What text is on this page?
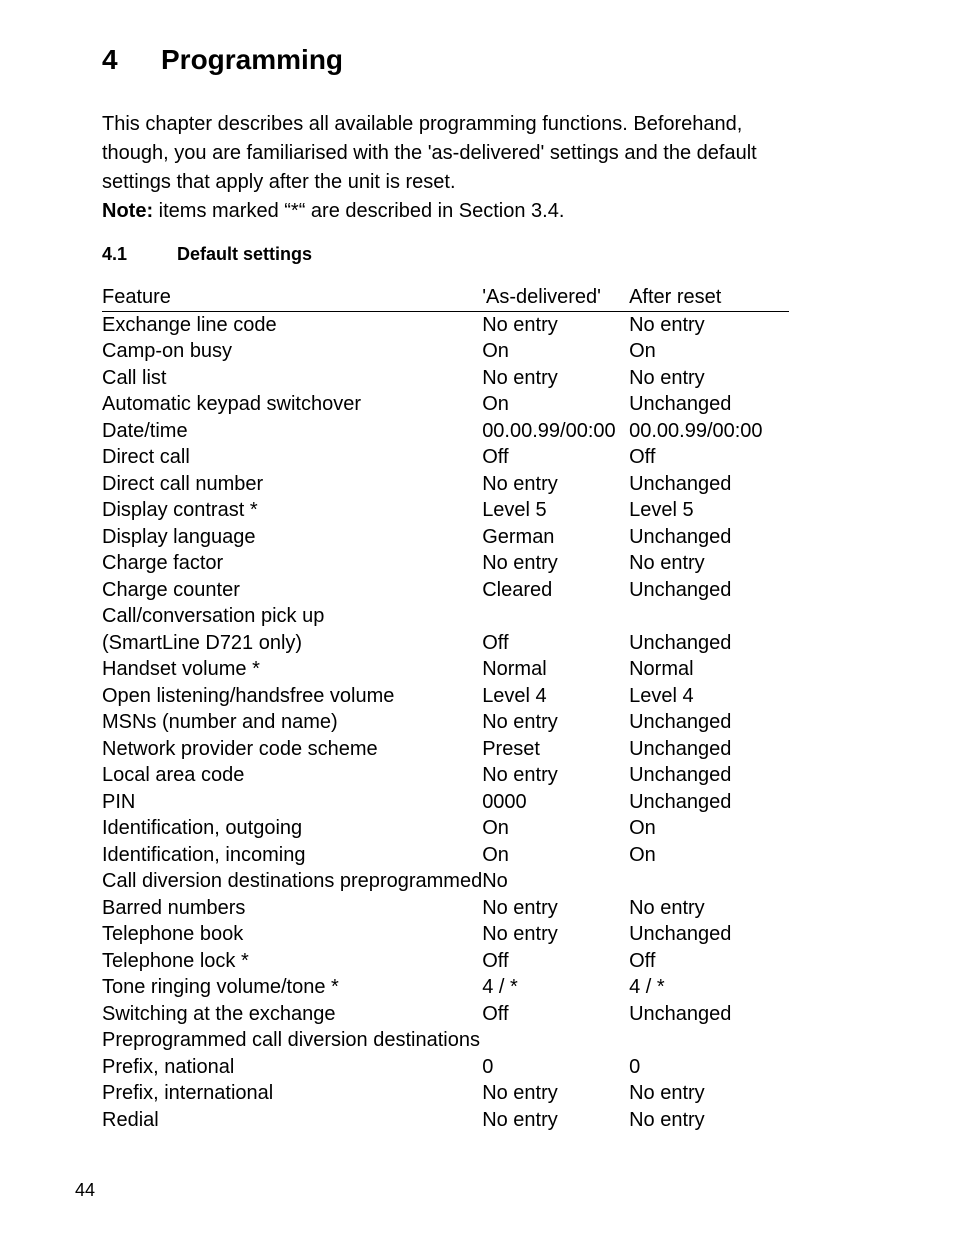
4 Programming

This chapter describes all available programming functions. Beforehand, though, you are familiarised with the 'as-delivered' settings and the default settings that apply after the unit is reset.

Note: items marked “*“ are described in Section 3.4.

4.1	Default settings
Feature	'As-delivered'	After reset
Exchange line code	No entry	No entry
Camp-on busy	On	On
Call list	No entry	No entry
Automatic keypad switchover	On	Unchanged
Date/time	00.00.99/00:00	00.00.99/00:00
Direct call	Off	Off
Direct call number	No entry	Unchanged
Display contrast *	Level 5	Level 5
Display language	German	Unchanged
Charge factor	No entry	No entry
Charge counter	Cleared	Unchanged
Call/conversation pick up		
(SmartLine D721 only)	Off	Unchanged
Handset volume *	Normal	Normal
Open listening/handsfree volume	Level 4	Level 4
MSNs (number and name)	No entry	Unchanged
Network provider code scheme	Preset	Unchanged
Local area code	No entry	Unchanged
PIN	0000	Unchanged
Identification, outgoing	On	On
Identification, incoming	On	On
Call diversion destinations preprogrammed	No	
Barred numbers	No entry	No entry
Telephone book	No entry	Unchanged
Telephone lock *	Off	Off
Tone ringing volume/tone *	4 / *	4 / *
Switching at the exchange	Off	Unchanged
Preprogrammed call diversion destinations		
Prefix, national	0	0
Prefix, international	No entry	No entry
Redial	No entry	No entry
44
